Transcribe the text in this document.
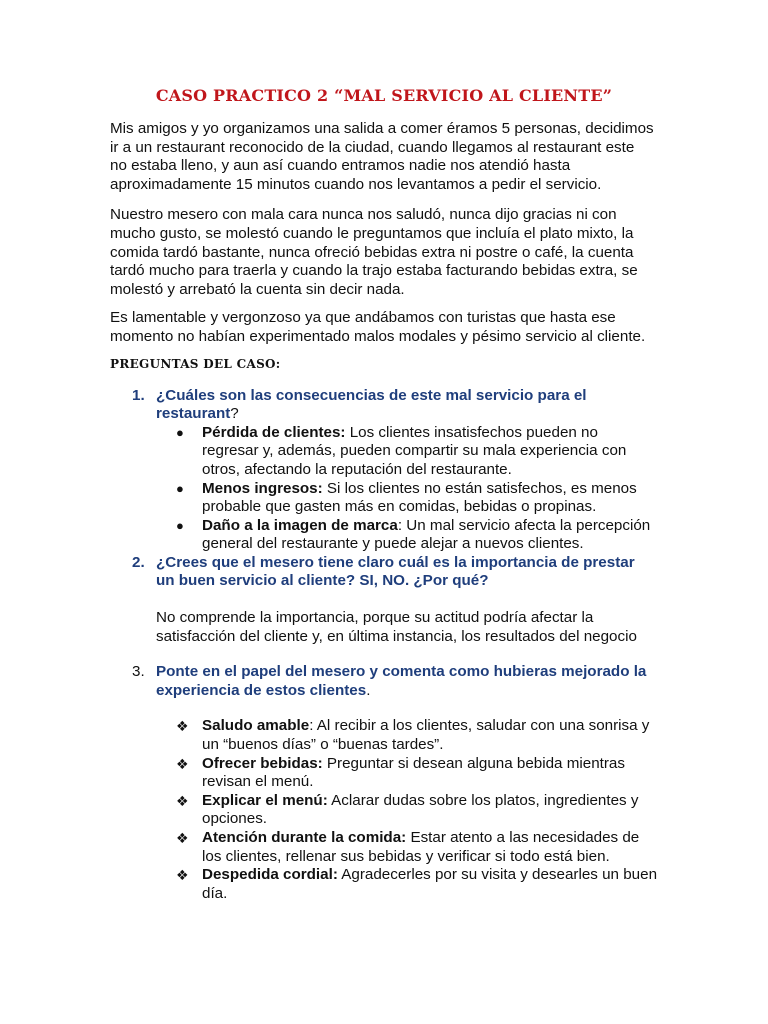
CASO PRACTICO 2 “MAL SERVICIO AL CLIENTE”
Mis amigos y yo organizamos una salida a comer éramos 5 personas, decidimos ir a un restaurant reconocido de la ciudad, cuando llegamos al restaurant este no estaba lleno, y aun así cuando entramos nadie nos atendió hasta aproximadamente 15 minutos cuando nos levantamos a pedir el servicio.
Nuestro mesero con mala cara nunca nos saludó, nunca dijo gracias ni con mucho gusto, se molestó cuando le preguntamos que incluía el plato mixto, la comida tardó bastante, nunca ofreció bebidas extra ni postre o café, la cuenta tardó mucho para traerla y cuando la trajo estaba facturando bebidas extra, se molestó y arrebató la cuenta sin decir nada.
Es lamentable y vergonzoso ya que andábamos con turistas que hasta ese momento no habían experimentado malos modales y pésimo servicio al cliente.
PREGUNTAS DEL CASO:
1. ¿Cuáles son las consecuencias de este mal servicio para el restaurant?
● Pérdida de clientes: Los clientes insatisfechos pueden no regresar y, además, pueden compartir su mala experiencia con otros, afectando la reputación del restaurante.
● Menos ingresos: Si los clientes no están satisfechos, es menos probable que gasten más en comidas, bebidas o propinas.
● Daño a la imagen de marca: Un mal servicio afecta la percepción general del restaurante y puede alejar a nuevos clientes.
2. ¿Crees que el mesero tiene claro cuál es la importancia de prestar un buen servicio al cliente? SI, NO. ¿Por qué?
No comprende la importancia, porque su actitud podría afectar la satisfacción del cliente y, en última instancia, los resultados del negocio
3. Ponte en el papel del mesero y comenta como hubieras mejorado la experiencia de estos clientes.
❖ Saludo amable: Al recibir a los clientes, saludar con una sonrisa y un “buenos días” o “buenas tardes”.
❖ Ofrecer bebidas: Preguntar si desean alguna bebida mientras revisan el menú.
❖ Explicar el menú: Aclarar dudas sobre los platos, ingredientes y opciones.
❖ Atención durante la comida: Estar atento a las necesidades de los clientes, rellenar sus bebidas y verificar si todo está bien.
❖ Despedida cordial: Agradecerles por su visita y desearles un buen día.
